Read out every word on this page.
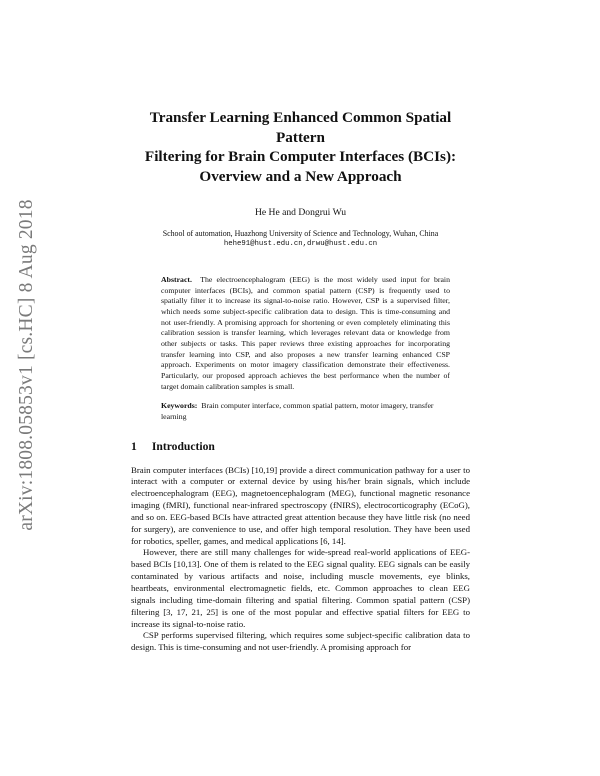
arXiv:1808.05853v1 [cs.HC] 8 Aug 2018
Transfer Learning Enhanced Common Spatial Pattern
Filtering for Brain Computer Interfaces (BCIs):
Overview and a New Approach
He He and Dongrui Wu
School of automation, Huazhong University of Science and Technology, Wuhan, China
hehe91@hust.edu.cn,drwu@hust.edu.cn
Abstract. The electroencephalogram (EEG) is the most widely used input for brain computer interfaces (BCIs), and common spatial pattern (CSP) is frequently used to spatially filter it to increase its signal-to-noise ratio. However, CSP is a supervised filter, which needs some subject-specific calibration data to design. This is time-consuming and not user-friendly. A promising approach for shortening or even completely eliminating this calibration session is transfer learning, which leverages relevant data or knowledge from other subjects or tasks. This paper reviews three existing approaches for incorporating transfer learning into CSP, and also proposes a new transfer learning enhanced CSP approach. Experiments on motor imagery classification demonstrate their effectiveness. Particularly, our proposed approach achieves the best performance when the number of target domain calibration samples is small.
Keywords: Brain computer interface, common spatial pattern, motor imagery, transfer learning
1 Introduction

Brain computer interfaces (BCIs) [10,19] provide a direct communication pathway for a user to interact with a computer or external device by using his/her brain signals, which include electroencephalogram (EEG), magnetoencephalogram (MEG), functional magnetic resonance imaging (fMRI), functional near-infrared spectroscopy (fNIRS), electrocorticography (ECoG), and so on. EEG-based BCIs have attracted great attention because they have little risk (no need for surgery), are convenience to use, and offer high temporal resolution. They have been used for robotics, speller, games, and medical applications [6, 14].

However, there are still many challenges for wide-spread real-world applications of EEG-based BCIs [10,13]. One of them is related to the EEG signal quality. EEG signals can be easily contaminated by various artifacts and noise, including muscle movements, eye blinks, heartbeats, environmental electromagnetic fields, etc. Common approaches to clean EEG signals including time-domain filtering and spatial filtering. Common spatial pattern (CSP) filtering [3, 17, 21, 25] is one of the most popular and effective spatial filters for EEG to increase its signal-to-noise ratio.

CSP performs supervised filtering, which requires some subject-specific calibration data to design. This is time-consuming and not user-friendly. A promising approach for
